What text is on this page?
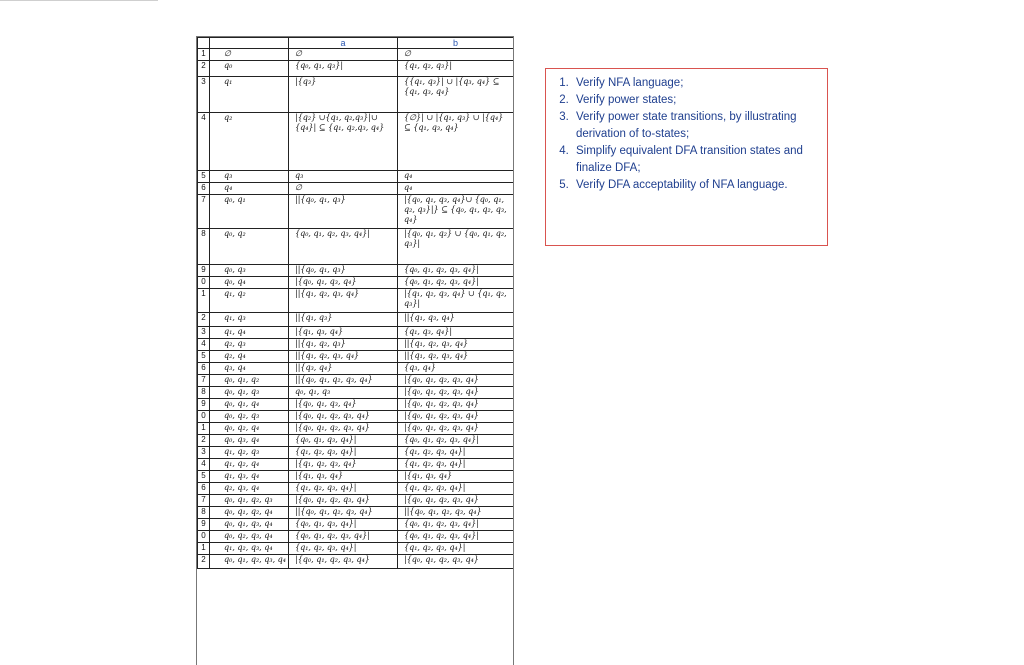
		a	b
1	∅	∅	∅
2	q₀	{q₀, q₁, q₃}|	{q₁, q₂, q₃}|
3	q₁	|{q₃}	{{q₁, q₃}| ∪ |{q₃, q₄} ⊆ {q₁, q₃, q₄}
4	q₂	|{q₂} ∪{q₁, q₂,q₃}|∪ {q₄}| ⊆ {q₁, q₂,q₃, q₄}	{∅}| ∪ |{q₁, q₃} ∪ |{q₄} ⊆ {q₁, q₃, q₄}
5	q₃	q₃	q₄
6	q₄	∅	q₄
7	q₀, q₁	||{q₀, q₁, q₃}	|{q₀, q₁, q₃, q₄}∪ {q₀, q₁, q₂, q₃}|} ⊆ {q₀, q₁, q₂, q₃, q₄}
8	q₀, q₂	{q₀, q₁, q₂, q₃, q₄}|	|{q₀, q₁, q₂} ∪ {q₀, q₁, q₂, q₃}|
9	q₀, q₃	||{q₀, q₁, q₃}	{q₀, q₁, q₂, q₃, q₄}|
0	q₀, q₄	|{q₀, q₁, q₃, q₄}	{q₀, q₁, q₂, q₃, q₄}|
1	q₁, q₂	||{q₁, q₂, q₃, q₄}	|{q₁, q₂, q₃, q₄} ∪ {q₁, q₂, q₃}|
2	q₁, q₃	||{q₁, q₃}	||{q₁, q₃, q₄}
3	q₁, q₄	|{q₁, q₃, q₄}	{q₁, q₃, q₄}|
4	q₂, q₃	||{q₁, q₂, q₃}	||{q₁, q₂, q₃, q₄}
5	q₂, q₄	||{q₁, q₂, q₃, q₄}	||{q₁, q₂, q₃, q₄}
6	q₃, q₄	||{q₃, q₄}	{q₃, q₄}
7	q₀, q₁, q₂	||{q₀, q₁, q₂, q₃, q₄}	|{q₀, q₁, q₂, q₃, q₄}
8	q₀, q₁, q₃	q₀, q₁, q₃	|{q₀, q₁, q₂, q₃, q₄}
9	q₀, q₁, q₄	|{q₀, q₁, q₃, q₄}	|{q₀, q₁, q₂, q₃, q₄}
0	q₀, q₂, q₃	|{q₀, q₁, q₂, q₃, q₄}	|{q₀, q₁, q₂, q₃, q₄}
1	q₀, q₂, q₄	|{q₀, q₁, q₂, q₃, q₄}	|{q₀, q₁, q₂, q₃, q₄}
2	q₀, q₃, q₄	{q₀, q₁, q₃, q₄}|	{q₀, q₁, q₂, q₃, q₄}|
3	q₁, q₂, q₃	{q₁, q₂, q₃, q₄}|	{q₁, q₂, q₃, q₄}|
4	q₁, q₂, q₄	|{q₁, q₂, q₃, q₄}	{q₁, q₂, q₃, q₄}|
5	q₁, q₃, q₄	|{q₁, q₃, q₄}	|{q₁, q₃, q₄}
6	q₂, q₃, q₄	{q₁, q₂, q₃, q₄}|	{q₁, q₂, q₃, q₄}|
7	q₀, q₁, q₂, q₃	|{q₀, q₁, q₂, q₃, q₄}	|{q₀, q₁, q₂, q₃, q₄}
8	q₀, q₁, q₂, q₄	||{q₀, q₁, q₂, q₃, q₄}	||{q₀, q₁, q₂, q₃, q₄}
9	q₀, q₁, q₃, q₄	{q₀, q₁, q₃, q₄}|	{q₀, q₁, q₂, q₃, q₄}|
0	q₀, q₂, q₃, q₄	{q₀, q₁, q₂, q₃, q₄}|	{q₀, q₁, q₂, q₃, q₄}|
1	q₁, q₂, q₃, q₄	{q₁, q₂, q₃, q₄}|	{q₁, q₂, q₃, q₄}|
2	q₀, q₁, q₂, q₃, q₄	|{q₀, q₁, q₂, q₃, q₄}	|{q₀, q₁, q₂, q₃, q₄}
1. Verify NFA language;
2. Verify power states;
3. Verify power state transitions, by illustrating derivation of to-states;
4. Simplify equivalent DFA transition states and finalize DFA;
5. Verify DFA acceptability of NFA language.
